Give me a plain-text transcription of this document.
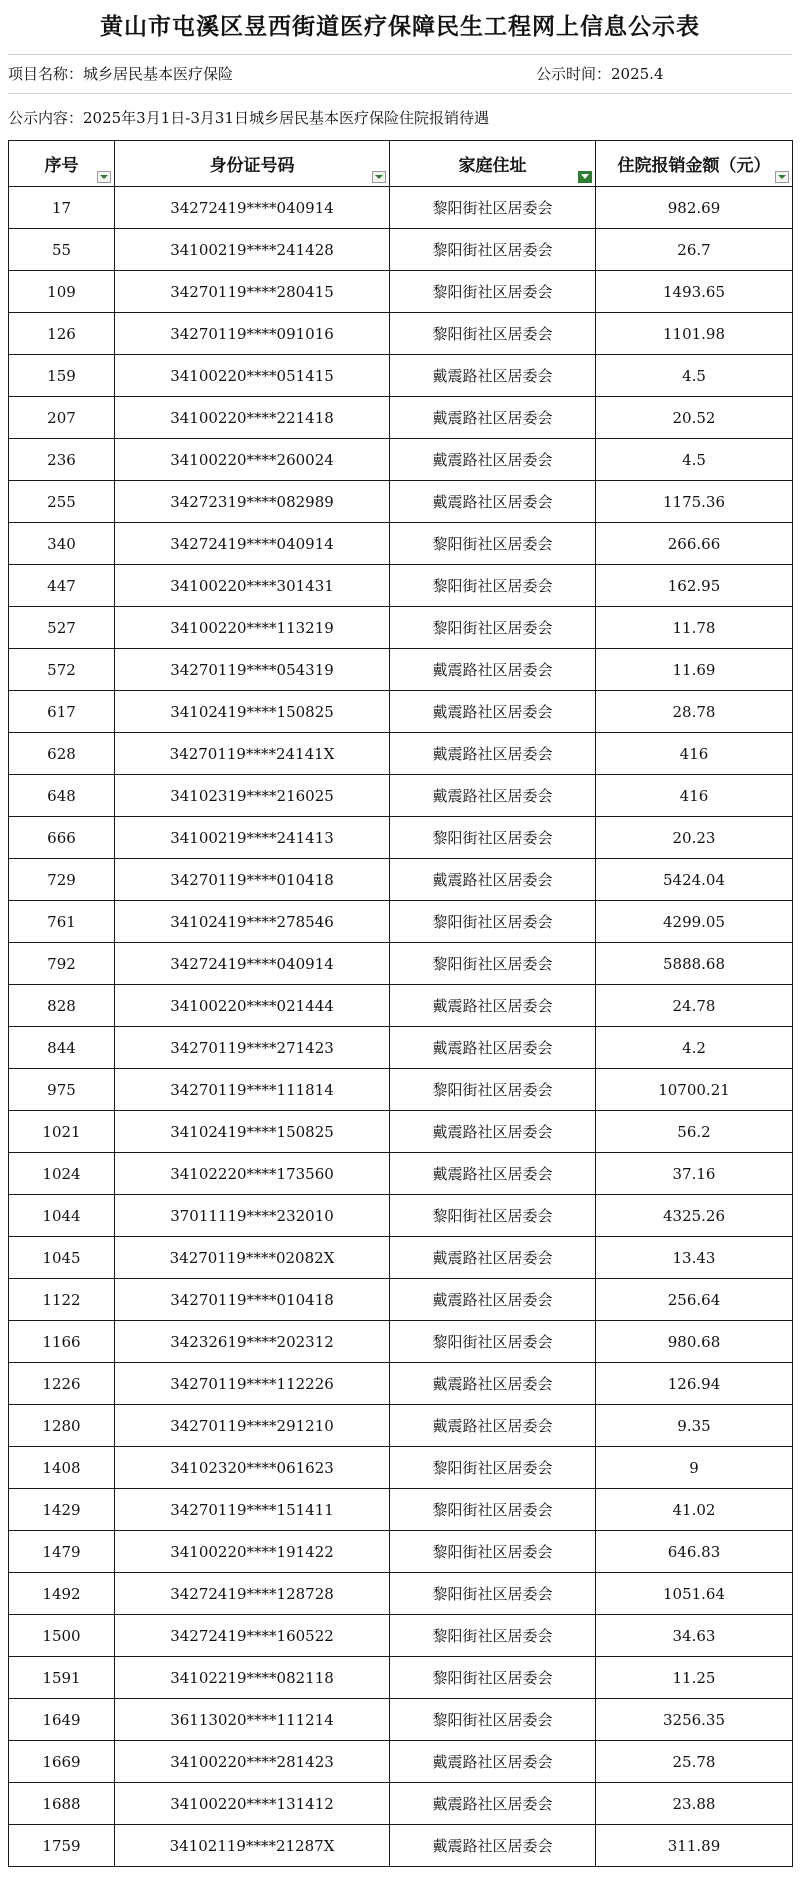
黄山市屯溪区昱西街道医疗保障民生工程网上信息公示表
项目名称：城乡居民基本医疗保险	公示时间：2025.4
公示内容：2025年3月1日-3月31日城乡居民基本医疗保险住院报销待遇
序号	身份证号码	家庭住址	住院报销金额（元）

17	34272419****040914	黎阳街社区居委会	982.69
55	34100219****241428	黎阳街社区居委会	26.7
109	34270119****280415	黎阳街社区居委会	1493.65
126	34270119****091016	黎阳街社区居委会	1101.98
159	34100220****051415	戴震路社区居委会	4.5
207	34100220****221418	戴震路社区居委会	20.52
236	34100220****260024	戴震路社区居委会	4.5
255	34272319****082989	戴震路社区居委会	1175.36
340	34272419****040914	黎阳街社区居委会	266.66
447	34100220****301431	黎阳街社区居委会	162.95
527	34100220****113219	黎阳街社区居委会	11.78
572	34270119****054319	戴震路社区居委会	11.69
617	34102419****150825	戴震路社区居委会	28.78
628	34270119****24141X	戴震路社区居委会	416
648	34102319****216025	戴震路社区居委会	416
666	34100219****241413	黎阳街社区居委会	20.23
729	34270119****010418	戴震路社区居委会	5424.04
761	34102419****278546	黎阳街社区居委会	4299.05
792	34272419****040914	黎阳街社区居委会	5888.68
828	34100220****021444	戴震路社区居委会	24.78
844	34270119****271423	戴震路社区居委会	4.2
975	34270119****111814	黎阳街社区居委会	10700.21
1021	34102419****150825	戴震路社区居委会	56.2
1024	34102220****173560	戴震路社区居委会	37.16
1044	37011119****232010	黎阳街社区居委会	4325.26
1045	34270119****02082X	戴震路社区居委会	13.43
1122	34270119****010418	戴震路社区居委会	256.64
1166	34232619****202312	黎阳街社区居委会	980.68
1226	34270119****112226	戴震路社区居委会	126.94
1280	34270119****291210	戴震路社区居委会	9.35
1408	34102320****061623	黎阳街社区居委会	9
1429	34270119****151411	黎阳街社区居委会	41.02
1479	34100220****191422	黎阳街社区居委会	646.83
1492	34272419****128728	黎阳街社区居委会	1051.64
1500	34272419****160522	黎阳街社区居委会	34.63
1591	34102219****082118	黎阳街社区居委会	11.25
1649	36113020****111214	黎阳街社区居委会	3256.35
1669	34100220****281423	戴震路社区居委会	25.78
1688	34100220****131412	戴震路社区居委会	23.88
1759	34102119****21287X	戴震路社区居委会	311.89
